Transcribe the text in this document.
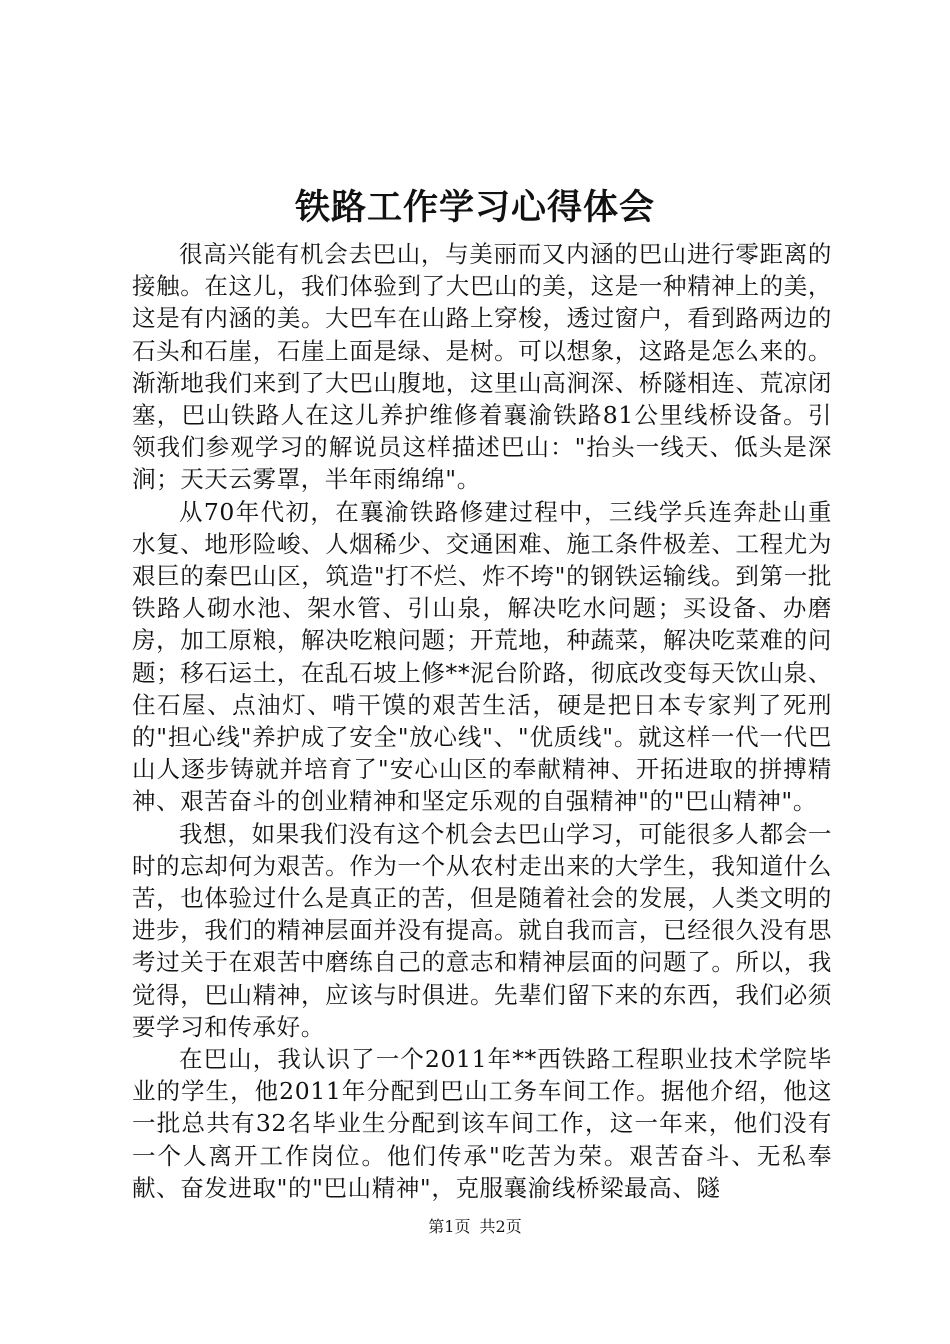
铁路工作学习心得体会

很高兴能有机会去巴山，与美丽而又内涵的巴山进行零距离的接触。在这儿，我们体验到了大巴山的美，这是一种精神上的美，这是有内涵的美。大巴车在山路上穿梭，透过窗户，看到路两边的石头和石崖，石崖上面是绿、是树。可以想象，这路是怎么来的。渐渐地我们来到了大巴山腹地，这里山高涧深、桥隧相连、荒凉闭塞，巴山铁路人在这儿养护维修着襄渝铁路81公里线桥设备。引领我们参观学习的解说员这样描述巴山："抬头一线天、低头是深涧；天天云雾罩，半年雨绵绵"。

从70年代初，在襄渝铁路修建过程中，三线学兵连奔赴山重水复、地形险峻、人烟稀少、交通困难、施工条件极差、工程尤为艰巨的秦巴山区，筑造"打不烂、炸不垮"的钢铁运输线。到第一批铁路人砌水池、架水管、引山泉，解决吃水问题；买设备、办磨房，加工原粮，解决吃粮问题；开荒地，种蔬菜，解决吃菜难的问题；移石运土，在乱石坡上修**泥台阶路，彻底改变每天饮山泉、住石屋、点油灯、啃干馍的艰苦生活，硬是把日本专家判了死刑的"担心线"养护成了安全"放心线"、"优质线"。就这样一代一代巴山人逐步铸就并培育了"安心山区的奉献精神、开拓进取的拼搏精神、艰苦奋斗的创业精神和坚定乐观的自强精神"的"巴山精神"。

我想，如果我们没有这个机会去巴山学习，可能很多人都会一时的忘却何为艰苦。作为一个从农村走出来的大学生，我知道什么苦，也体验过什么是真正的苦，但是随着社会的发展，人类文明的进步，我们的精神层面并没有提高。就自我而言，已经很久没有思考过关于在艰苦中磨练自己的意志和精神层面的问题了。所以，我觉得，巴山精神，应该与时俱进。先辈们留下来的东西，我们必须要学习和传承好。

在巴山，我认识了一个2011年**西铁路工程职业技术学院毕业的学生，他2011年分配到巴山工务车间工作。据他介绍，他这一批总共有32名毕业生分配到该车间工作，这一年来，他们没有一个人离开工作岗位。他们传承"吃苦为荣。艰苦奋斗、无私奉献、奋发进取"的"巴山精神"，克服襄渝线桥梁最高、隧

第1页 共2页
